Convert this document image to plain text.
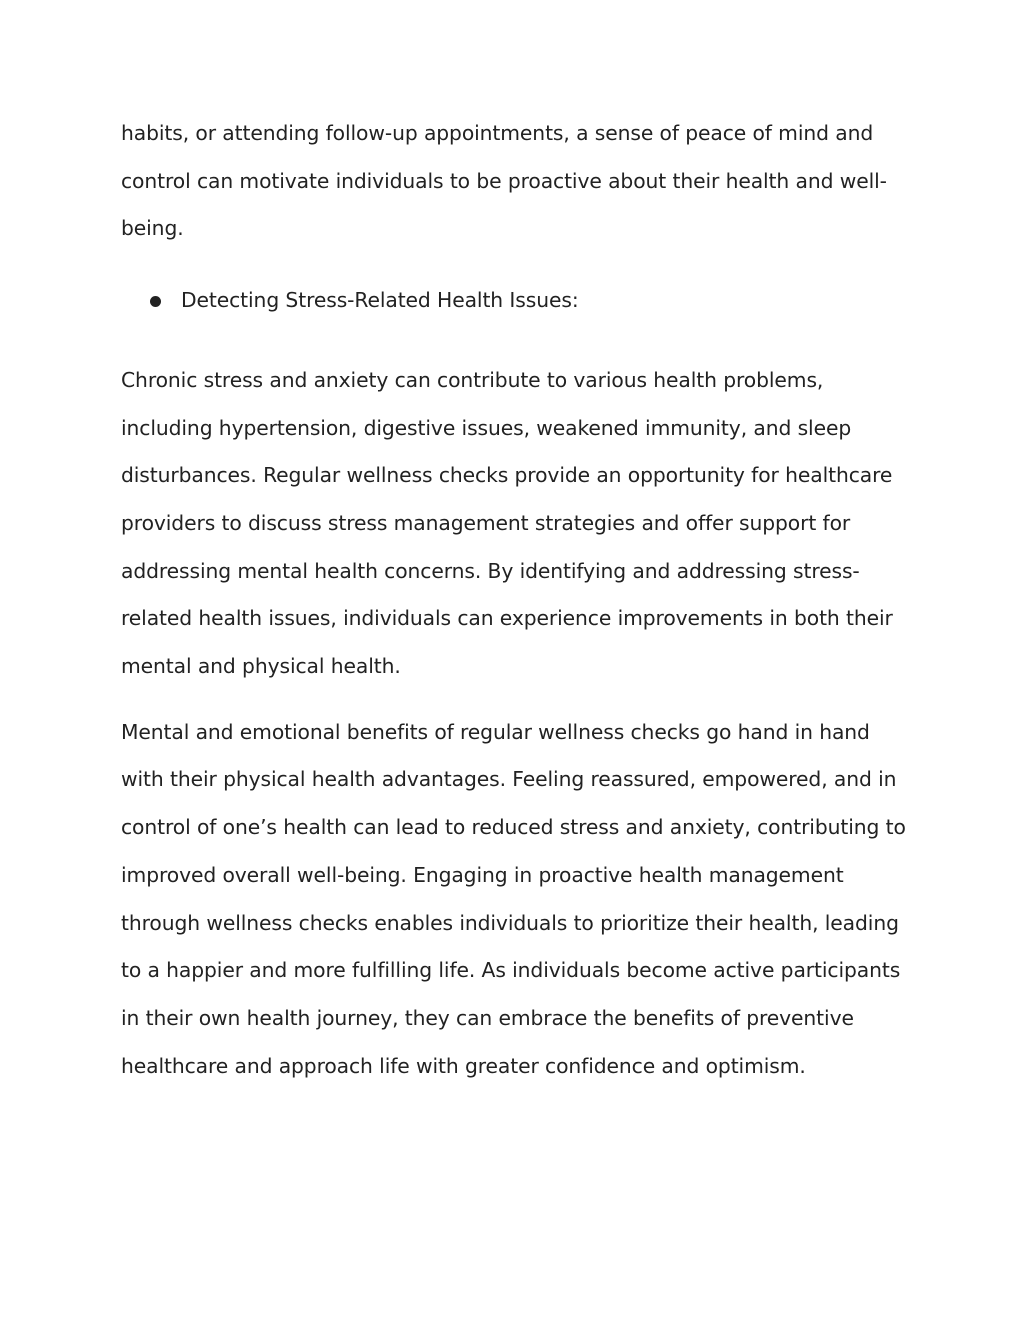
habits, or attending follow-up appointments, a sense of peace of mind and control can motivate individuals to be proactive about their health and well-being.

Detecting Stress-Related Health Issues:

Chronic stress and anxiety can contribute to various health problems, including hypertension, digestive issues, weakened immunity, and sleep disturbances. Regular wellness checks provide an opportunity for healthcare providers to discuss stress management strategies and offer support for addressing mental health concerns. By identifying and addressing stress-related health issues, individuals can experience improvements in both their mental and physical health.

Mental and emotional benefits of regular wellness checks go hand in hand with their physical health advantages. Feeling reassured, empowered, and in control of one’s health can lead to reduced stress and anxiety, contributing to improved overall well-being. Engaging in proactive health management through wellness checks enables individuals to prioritize their health, leading to a happier and more fulfilling life. As individuals become active participants in their own health journey, they can embrace the benefits of preventive healthcare and approach life with greater confidence and optimism.
